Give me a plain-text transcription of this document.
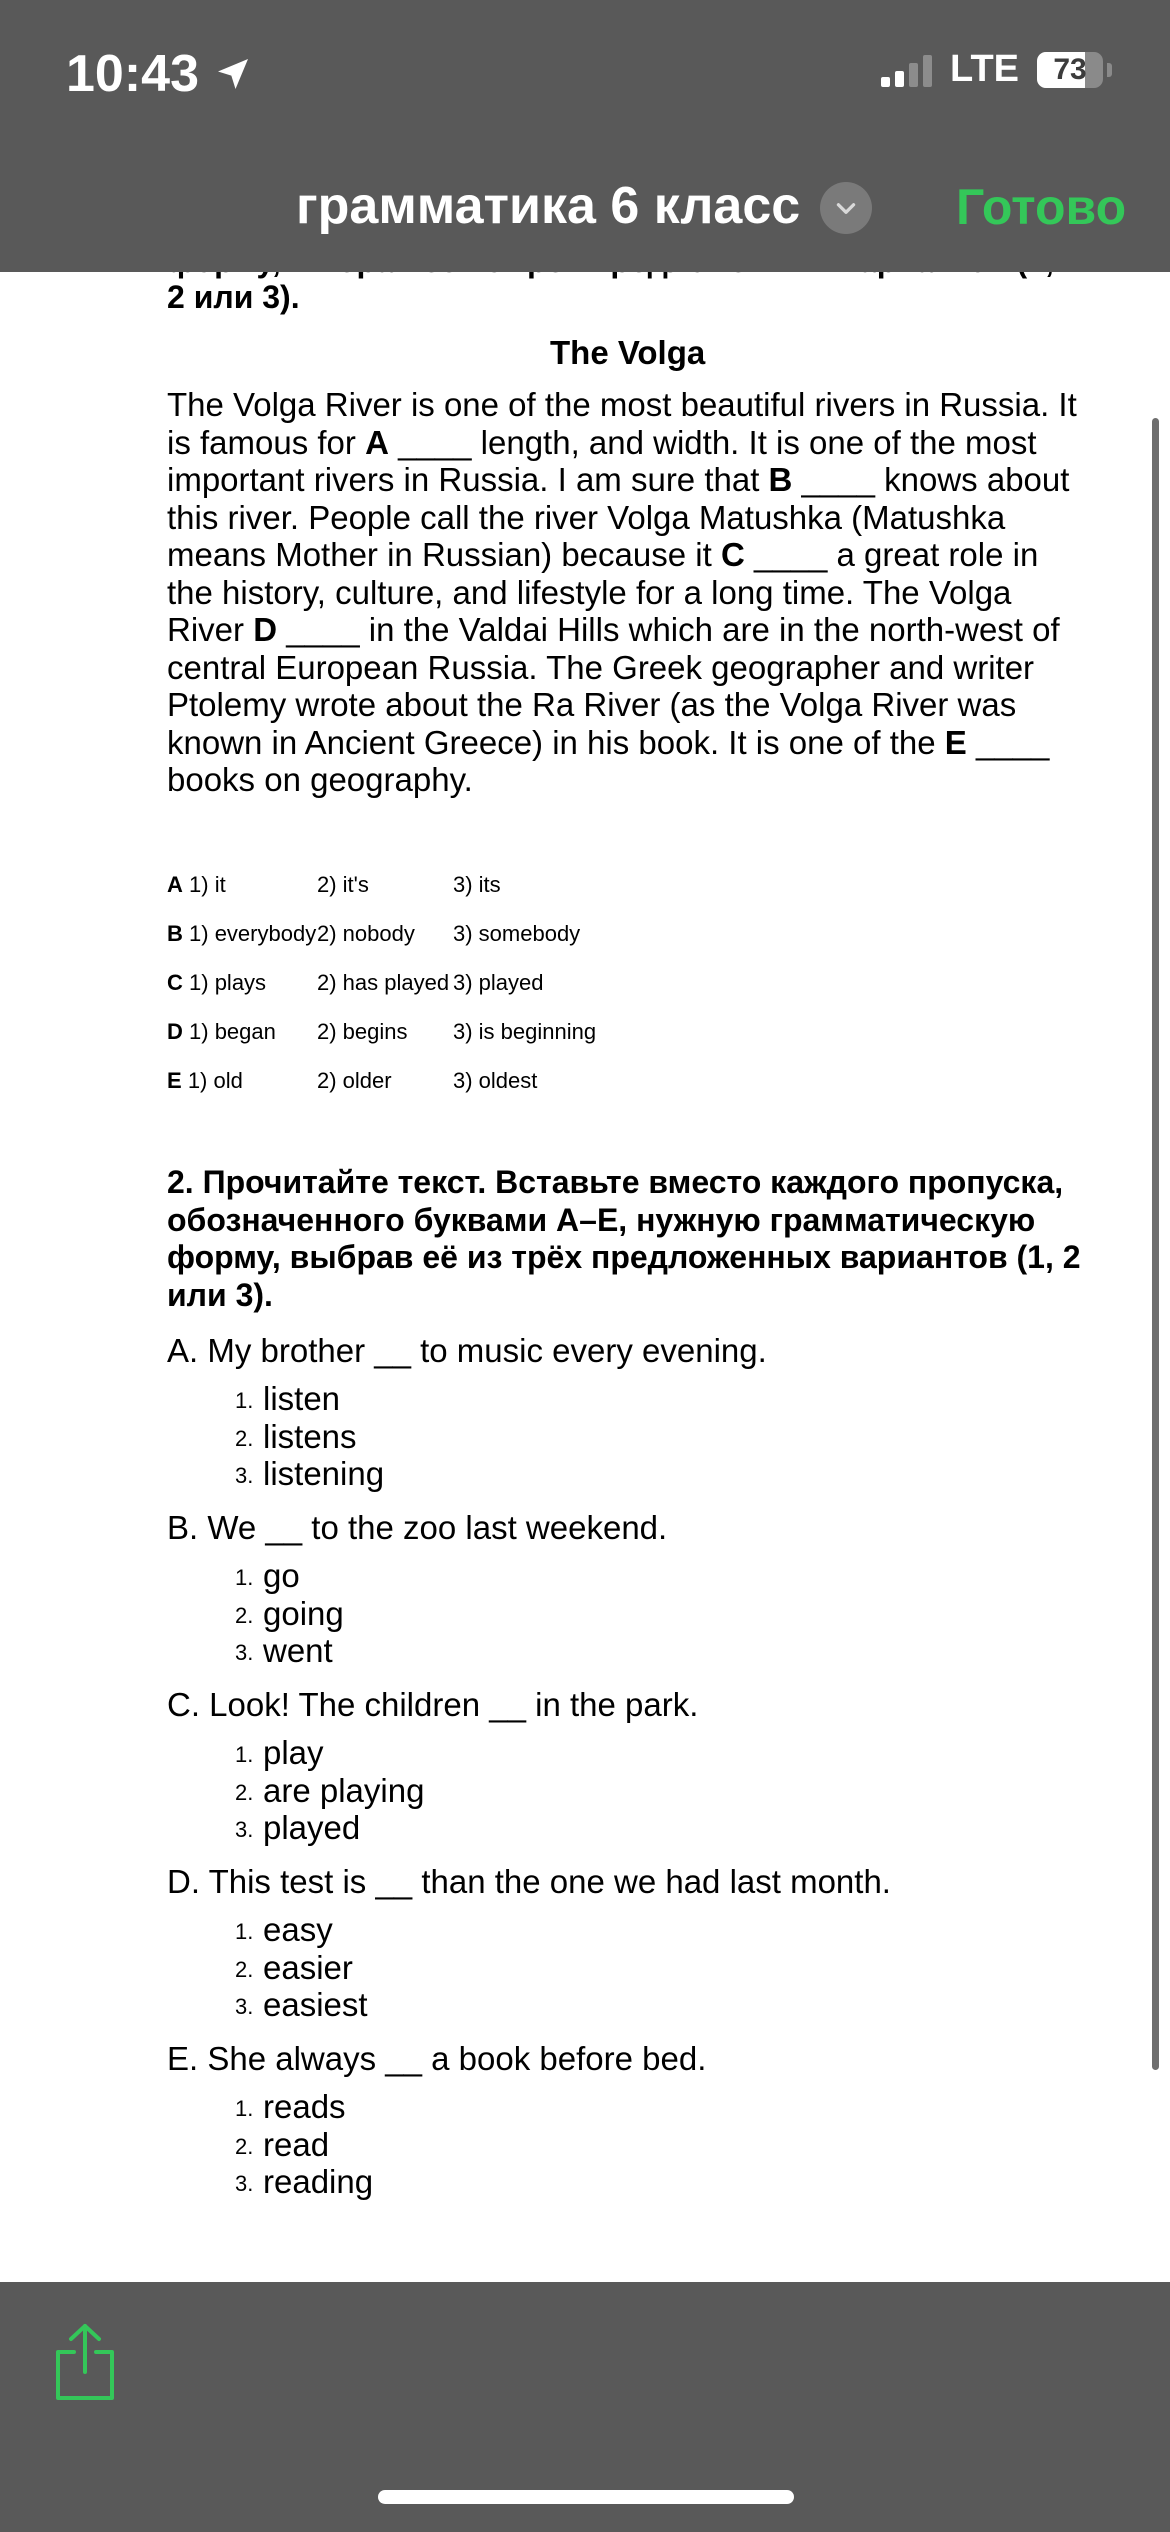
10:43	LTE 73
грамматика 6 класс	Готово
2 или 3).
The Volga
The Volga River is one of the most beautiful rivers in Russia. It is famous for A ____ length, and width. It is one of the most important rivers in Russia. I am sure that B ____ knows about this river. People call the river Volga Matushka (Matushka means Mother in Russian) because it C ____ a great role in the history, culture, and lifestyle for a long time. The Volga River D ____ in the Valdai Hills which are in the north-west of central European Russia. The Greek geographer and writer Ptolemy wrote about the Ra River (as the Volga River was known in Ancient Greece) in his book. It is one of the E ____ books on geography.
A 1) it	2) it's	3) its
B 1) everybody	2) nobody	3) somebody
C 1) plays	2) has played	3) played
D 1) began	2) begins	3) is beginning
E 1) old	2) older	3) oldest
2. Прочитайте текст. Вставьте вместо каждого пропуска, обозначенного буквами А–Е, нужную грамматическую форму, выбрав её из трёх предложенных вариантов (1, 2 или 3).
A. My brother __ to music every evening.
listen
listens
listening
B. We __ to the zoo last weekend.
go
going
went
C. Look! The children __ in the park.
play
are playing
played
D. This test is __ than the one we had last month.
easy
easier
easiest
E. She always __ a book before bed.
reads
read
reading
